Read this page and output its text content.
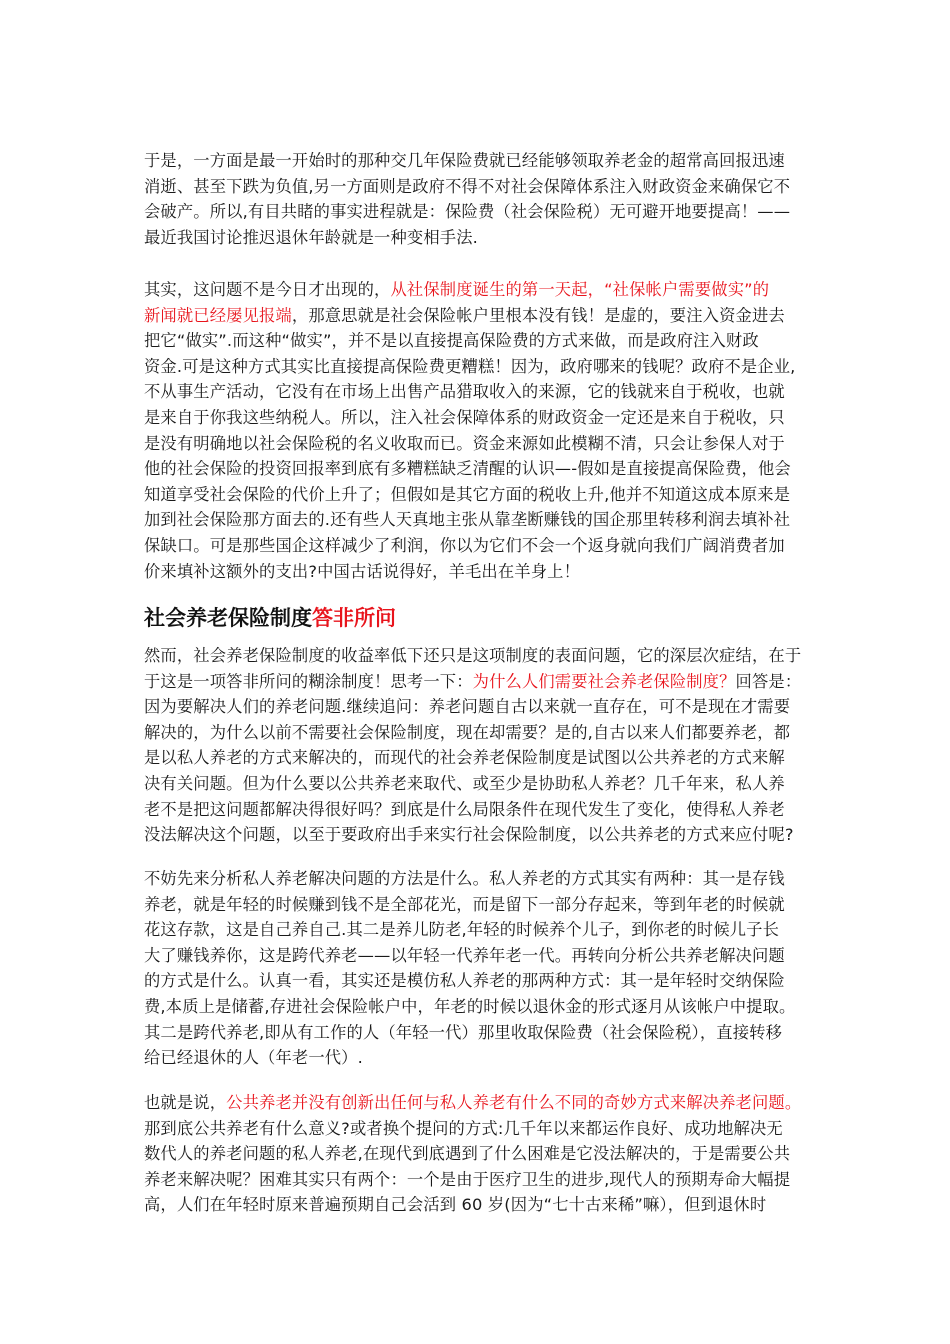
于是，一方面是最一开始时的那种交几年保险费就已经能够领取养老金的超常高回报迅速
消逝、甚至下跌为负值,另一方面则是政府不得不对社会保障体系注入财政资金来确保它不
会破产。所以,有目共睹的事实进程就是：保险费（社会保险税）无可避开地要提高！——
最近我国讨论推迟退休年龄就是一种变相手法.
其实，这问题不是今日才出现的，从社保制度诞生的第一天起，“社保帐户需要做实”的
新闻就已经屡见报端，那意思就是社会保险帐户里根本没有钱！是虚的，要注入资金进去
把它“做实”.而这种“做实”，并不是以直接提高保险费的方式来做，而是政府注入财政
资金.可是这种方式其实比直接提高保险费更糟糕！因为，政府哪来的钱呢？政府不是企业,
不从事生产活动，它没有在市场上出售产品猎取收入的来源，它的钱就来自于税收，也就
是来自于你我这些纳税人。所以，注入社会保障体系的财政资金一定还是来自于税收，只
是没有明确地以社会保险税的名义收取而已。资金来源如此模糊不清，只会让参保人对于
他的社会保险的投资回报率到底有多糟糕缺乏清醒的认识—-假如是直接提高保险费，他会
知道享受社会保险的代价上升了；但假如是其它方面的税收上升,他并不知道这成本原来是
加到社会保险那方面去的.还有些人天真地主张从靠垄断赚钱的国企那里转移利润去填补社
保缺口。可是那些国企这样减少了利润，你以为它们不会一个返身就向我们广阔消费者加
价来填补这额外的支出?中国古话说得好，羊毛出在羊身上！
社会养老保险制度答非所问
然而，社会养老保险制度的收益率低下还只是这项制度的表面问题，它的深层次症结，在于
于这是一项答非所问的糊涂制度！思考一下：为什么人们需要社会养老保险制度？回答是：
因为要解决人们的养老问题.继续追问：养老问题自古以来就一直存在，可不是现在才需要
解决的，为什么以前不需要社会保险制度，现在却需要？是的,自古以来人们都要养老，都
是以私人养老的方式来解决的，而现代的社会养老保险制度是试图以公共养老的方式来解
决有关问题。但为什么要以公共养老来取代、或至少是协助私人养老？几千年来，私人养
老不是把这问题都解决得很好吗？到底是什么局限条件在现代发生了变化，使得私人养老
没法解决这个问题，以至于要政府出手来实行社会保险制度，以公共养老的方式来应付呢?
不妨先来分析私人养老解决问题的方法是什么。私人养老的方式其实有两种：其一是存钱
养老，就是年轻的时候赚到钱不是全部花光，而是留下一部分存起来，等到年老的时候就
花这存款，这是自己养自己.其二是养儿防老,年轻的时候养个儿子，到你老的时候儿子长
大了赚钱养你，这是跨代养老——以年轻一代养年老一代。再转向分析公共养老解决问题
的方式是什么。认真一看，其实还是模仿私人养老的那两种方式：其一是年轻时交纳保险
费,本质上是储蓄,存进社会保险帐户中，年老的时候以退休金的形式逐月从该帐户中提取。
其二是跨代养老,即从有工作的人（年轻一代）那里收取保险费（社会保险税），直接转移
给已经退休的人（年老一代）.
也就是说，公共养老并没有创新出任何与私人养老有什么不同的奇妙方式来解决养老问题。
那到底公共养老有什么意义?或者换个提问的方式:几千年以来都运作良好、成功地解决无
数代人的养老问题的私人养老,在现代到底遇到了什么困难是它没法解决的，于是需要公共
养老来解决呢？困难其实只有两个：一个是由于医疗卫生的进步,现代人的预期寿命大幅提
高，人们在年轻时原来普遍预期自己会活到 60 岁(因为“七十古来稀”嘛），但到退休时
